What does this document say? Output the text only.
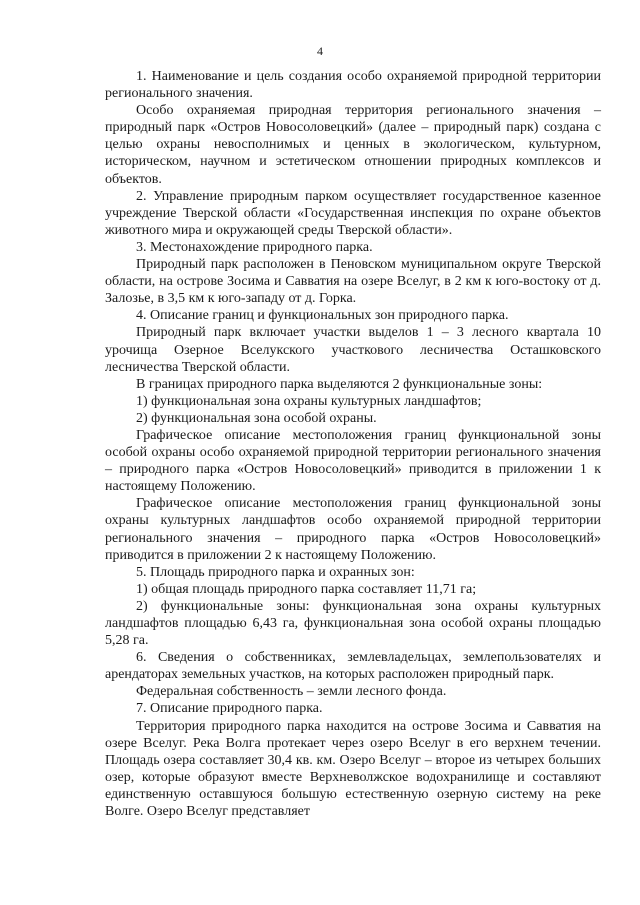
4

1. Наименование и цель создания особо охраняемой природной территории регионального значения.

Особо охраняемая природная территория регионального значения – природный парк «Остров Новосоловецкий» (далее – природный парк) создана с целью охраны невосполнимых и ценных в экологическом, культурном, историческом, научном и эстетическом отношении природных комплексов и объектов.

2. Управление природным парком осуществляет государственное казенное учреждение Тверской области «Государственная инспекция по охране объектов животного мира и окружающей среды Тверской области».

3. Местонахождение природного парка.

Природный парк расположен в Пеновском муниципальном округе Тверской области, на острове Зосима и Савватия на озере Вселуг, в 2 км к юго-востоку от д. Залозье, в 3,5 км к юго-западу от д. Горка.

4. Описание границ и функциональных зон природного парка.

Природный парк включает участки выделов 1 – 3 лесного квартала 10 урочища Озерное Вселукского участкового лесничества Осташковского лесничества Тверской области.

В границах природного парка выделяются 2 функциональные зоны:

1) функциональная зона охраны культурных ландшафтов;

2) функциональная зона особой охраны.

Графическое описание местоположения границ функциональной зоны особой охраны особо охраняемой природной территории регионального значения – природного парка «Остров Новосоловецкий» приводится в приложении 1 к настоящему Положению.

Графическое описание местоположения границ функциональной зоны охраны культурных ландшафтов особо охраняемой природной территории регионального значения – природного парка «Остров Новосоловецкий» приводится в приложении 2 к настоящему Положению.

5. Площадь природного парка и охранных зон:

1) общая площадь природного парка составляет 11,71 га;

2) функциональные зоны: функциональная зона охраны культурных ландшафтов площадью 6,43 га, функциональная зона особой охраны площадью 5,28 га.

6. Сведения о собственниках, землевладельцах, землепользователях и арендаторах земельных участков, на которых расположен природный парк.

Федеральная собственность – земли лесного фонда.

7. Описание природного парка.

Территория природного парка находится на острове Зосима и Савватия на озере Вселуг. Река Волга протекает через озеро Вселуг в его верхнем течении. Площадь озера составляет 30,4 кв. км. Озеро Вселуг – второе из четырех больших озер, которые образуют вместе Верхневолжское водохранилище и составляют единственную оставшуюся большую естественную озерную систему на реке Волге. Озеро Вселуг представляет
